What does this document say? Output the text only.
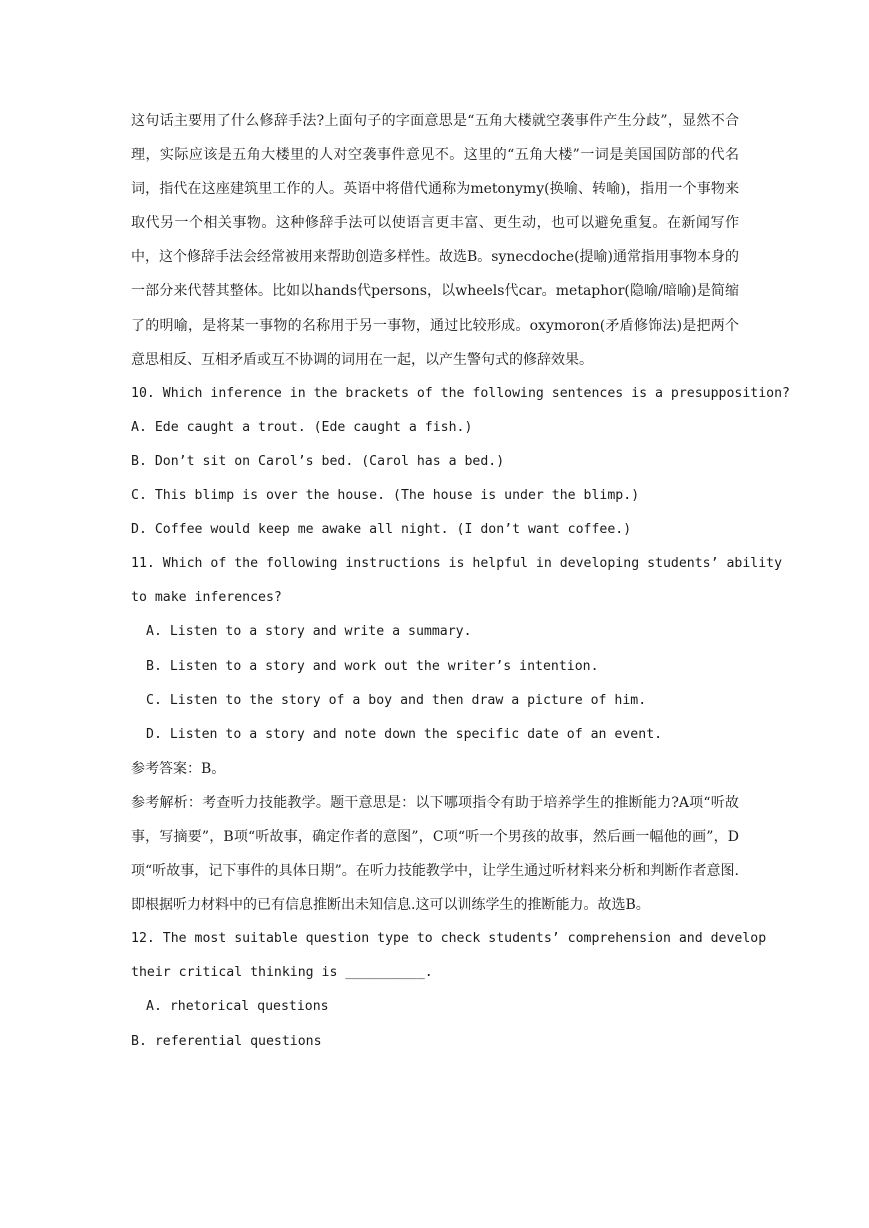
这句话主要用了什么修辞手法?上面句子的字面意思是“五角大楼就空袭事件产生分歧”，显然不合理，实际应该是五角大楼里的人对空袭事件意见不。这里的“五角大楼”一词是美国国防部的代名词，指代在这座建筑里工作的人。英语中将借代通称为metonymy(换喻、转喻)，指用一个事物来取代另一个相关事物。这种修辞手法可以使语言更丰富、更生动，也可以避免重复。在新闻写作中，这个修辞手法会经常被用来帮助创造多样性。故选B。synecdoche(提喻)通常指用事物本身的一部分来代替其整体。比如以hands代persons，以wheels代car。metaphor(隐喻/暗喻)是简缩了的明喻，是将某一事物的名称用于另一事物，通过比较形成。oxymoron(矛盾修饰法)是把两个意思相反、互相矛盾或互不协调的词用在一起，以产生警句式的修辞效果。

10. Which inference in the brackets of the following sentences is a presupposition?

A. Ede caught a trout. (Ede caught a fish.)

B. Don’t sit on Carol’s bed. (Carol has a bed.)

C. This blimp is over the house. (The house is under the blimp.)

D. Coffee would keep me awake all night. (I don’t want coffee.)

11. Which of the following instructions is helpful in developing students’ ability

to make inferences?

A. Listen to a story and write a summary.

B. Listen to a story and work out the writer’s intention.

C. Listen to the story of a boy and then draw a picture of him.

D. Listen to a story and note down the specific date of an event.

参考答案：B。

参考解析：考查听力技能教学。题干意思是：以下哪项指令有助于培养学生的推断能力?A项“听故事，写摘要”，B项“听故事，确定作者的意图”，C项“听一个男孩的故事，然后画一幅他的画”，D项“听故事，记下事件的具体日期”。在听力技能教学中，让学生通过听材料来分析和判断作者意图.即根据听力材料中的已有信息推断出未知信息.这可以训练学生的推断能力。故选B。

12. The most suitable question type to check students’ comprehension and develop

their critical thinking is __________.

A. rhetorical questions

B. referential questions
